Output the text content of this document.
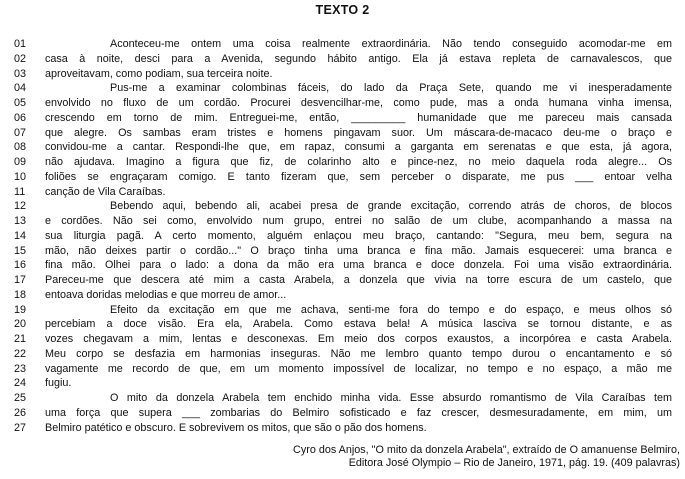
TEXTO 2
01	Aconteceu-me ontem uma coisa realmente extraordinária. Não tendo conseguido acomodar-me em
02	casa à noite, desci para a Avenida, segundo hábito antigo. Ela já estava repleta de carnavalescos, que
03	aproveitavam, como podiam, sua terceira noite.
04	Pus-me a examinar colombinas fáceis, do lado da Praça Sete, quando me vi inesperadamente
05	envolvido no fluxo de um cordão. Procurei desvencilhar-me, como pude, mas a onda humana vinha imensa,
06	crescendo em torno de mim. Entreguei-me, então, _________ humanidade que me pareceu mais cansada
07	que alegre. Os sambas eram tristes e homens pingavam suor. Um máscara-de-macaco deu-me o braço e
08	convidou-me a cantar. Respondi-lhe que, em rapaz, consumi a garganta em serenatas e que esta, já agora,
09	não ajudava. Imagino a figura que fiz, de colarinho alto e pince-nez, no meio daquela roda alegre... Os
10	foliões se engraçaram comigo. E tanto fizeram que, sem perceber o disparate, me pus ___ entoar velha
11	canção de Vila Caraíbas.
12	Bebendo aqui, bebendo ali, acabei presa de grande excitação, correndo atrás de choros, de blocos
13	e cordões. Não sei como, envolvido num grupo, entrei no salão de um clube, acompanhando a massa na
14	sua liturgia pagã. A certo momento, alguém enlaçou meu braço, cantando: "Segura, meu bem, segura na
15	mão, não deixes partir o cordão..." O braço tinha uma branca e fina mão. Jamais esquecerei: uma branca e
16	fina mão. Olhei para o lado: a dona da mão era uma branca e doce donzela. Foi uma visão extraordinária.
17	Pareceu-me que descera até mim a casta Arabela, a donzela que vivia na torre escura de um castelo, que
18	entoava doridas melodias e que morreu de amor...
19	Efeito da excitação em que me achava, senti-me fora do tempo e do espaço, e meus olhos só
20	percebiam a doce visão. Era ela, Arabela. Como estava bela! A música lasciva se tornou distante, e as
21	vozes chegavam a mim, lentas e desconexas. Em meio dos corpos exaustos, a incorpórea e casta Arabela.
22	Meu corpo se desfazia em harmonias inseguras. Não me lembro quanto tempo durou o encantamento e só
23	vagamente me recordo de que, em um momento impossível de localizar, no tempo e no espaço, a mão me
24	fugiu.
25	O mito da donzela Arabela tem enchido minha vida. Esse absurdo romantismo de Vila Caraíbas tem
26	uma força que supera ___ zombarias do Belmiro sofisticado e faz crescer, desmesuradamente, em mim, um
27	Belmiro patético e obscuro. E sobrevivem os mitos, que são o pão dos homens.
Cyro dos Anjos, "O mito da donzela Arabela", extraído de O amanuense Belmiro,
Editora José Olympio – Rio de Janeiro, 1971, pág. 19. (409 palavras)
